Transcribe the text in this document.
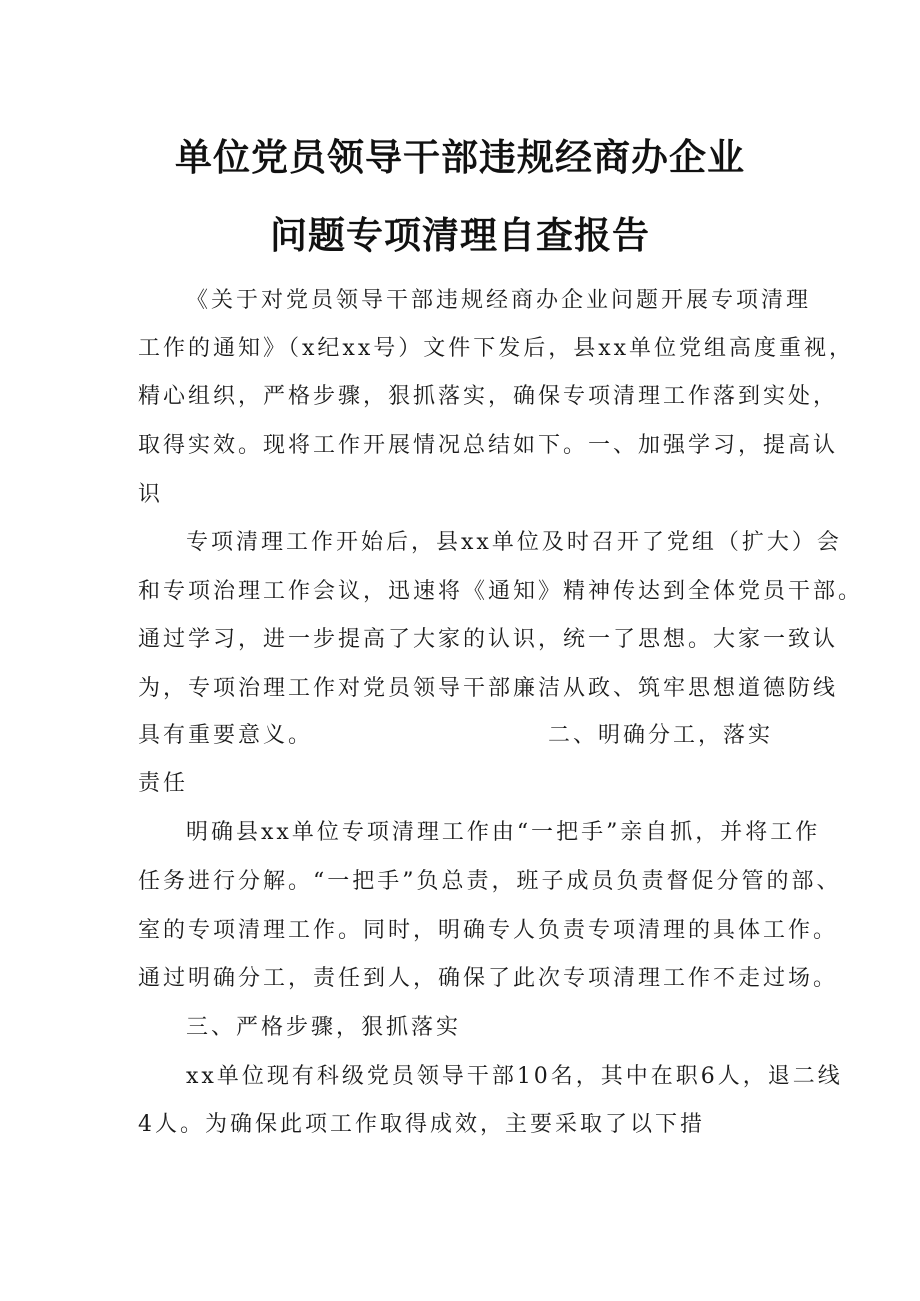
单位党员领导干部违规经商办企业
问题专项清理自查报告
《关于对党员领导干部违规经商办企业问题开展专项清理
工作的通知》（x纪xx号）文件下发后，县xx单位党组高度重视，
精心组织，严格步骤，狠抓落实，确保专项清理工作落到实处，
取得实效。现将工作开展情况总结如下。一、加强学习，提高认
识
专项清理工作开始后，县xx单位及时召开了党组（扩大）会
和专项治理工作会议，迅速将《通知》精神传达到全体党员干部。
通过学习，进一步提高了大家的认识，统一了思想。大家一致认
为，专项治理工作对党员领导干部廉洁从政、筑牢思想道德防线
具有重要意义。	二、明确分工，落实
责任
明确县xx单位专项清理工作由“一把手”亲自抓，并将工作
任务进行分解。“一把手”负总责，班子成员负责督促分管的部、
室的专项清理工作。同时，明确专人负责专项清理的具体工作。
通过明确分工，责任到人，确保了此次专项清理工作不走过场。
三、严格步骤，狠抓落实
xx单位现有科级党员领导干部10名，其中在职6人，退二线
4人。为确保此项工作取得成效，主要采取了以下措
